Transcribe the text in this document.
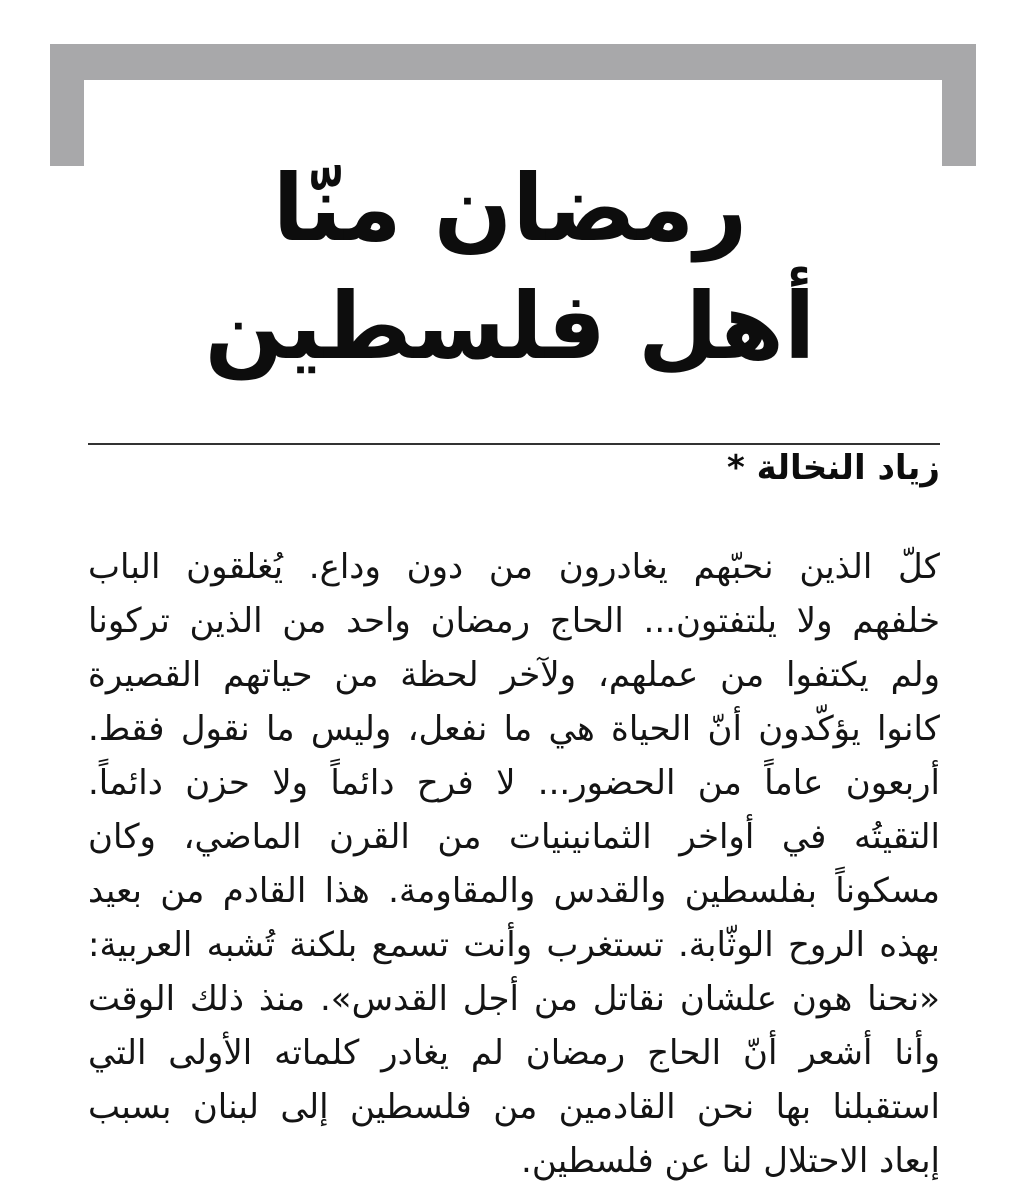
رمضان منّا
أهل فلسطين
زياد النخالة *
كلّ الذين نحبّهم يغادرون من دون وداع. يُغلقون الباب
خلفهم ولا يلتفتون... الحاج رمضان واحد من الذين تركونا
ولم يكتفوا من عملهم، ولآخر لحظة من حياتهم القصيرة
كانوا يؤكّدون أنّ الحياة هي ما نفعل، وليس ما نقول فقط.
أربعون عاماً من الحضور... لا فرح دائماً ولا حزن دائماً.
التقيتُه في أواخر الثمانينيات من القرن الماضي، وكان
مسكوناً بفلسطين والقدس والمقاومة. هذا القادم من بعيد
بهذه الروح الوثّابة. تستغرب وأنت تسمع بلكنة تُشبه العربية:
«نحنا هون علشان نقاتل من أجل القدس». منذ ذلك الوقت
وأنا أشعر أنّ الحاج رمضان لم يغادر كلماته الأولى التي
استقبلنا بها نحن القادمين من فلسطين إلى لبنان بسبب
إبعاد الاحتلال لنا عن فلسطين.
